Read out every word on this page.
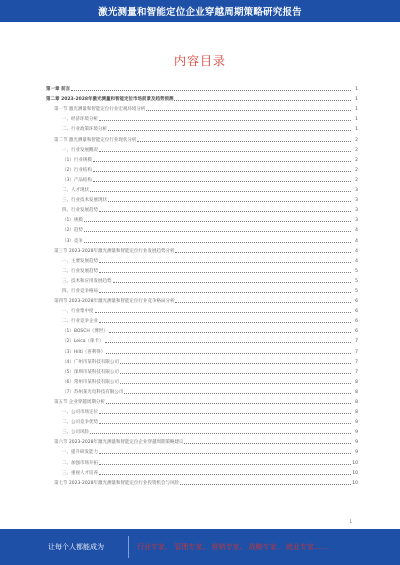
激光测量和智能定位企业穿越周期策略研究报告
内容目录
第一章 前言	1
第二章 2023-2028年激光测量和智能定位市场前景及趋势预测	1
第一节 激光测量和智能定位行业宏观环境分析	1
一、经济环境分析	1
二、行业政策环境分析	1
第二节 激光测量和智能定位行业现状分析	2
一、行业发展概况	2
（1）行业规模	2
（2）行业结构	2
（3）产品结构	2
二、人才现状	3
三、行业技术发展现状	3
四、行业发展趋势	3
（1）规模	3
（2）趋势	4
（3）竞争	4
第三节 2023-2028年激光测量和智能定位行业发展趋势分析	4
一、主要发展趋势	4
二、行业发展趋势	5
三、技术和应用发展趋势	5
四、行业竞争格局	5
第四节 2023-2028年激光测量和智能定位行业竞争格局分析	6
一、行业集中度	6
二、行业竞争企业	6
（1）BOSCH（博世）	6
（2）Leica（徕卡）	7
（3）Hilti（喜利得）	7
（4）广州市某科技有限公司	7
（5）深圳市某科技有限公司	7
（6）常州市某科技有限公司	8
（7）苏州某光电科技有限公司	8
第五节 企业穿越周期分析	8
一、公司市场定位	8
二、公司竞争优势	9
三、公司风险	9
第六节 2023-2028年激光测量和智能定位企业穿越周期策略建议	9
一、提升研发能力	9
二、加强市场开拓	10
三、重视人才培养	10
第七节 2023-2028年激光测量和智能定位行业投资机会与风险	10
1
让每个人都能成为	行业专家、 管理专家、 营销专家、 战略专家、 就业专家……
